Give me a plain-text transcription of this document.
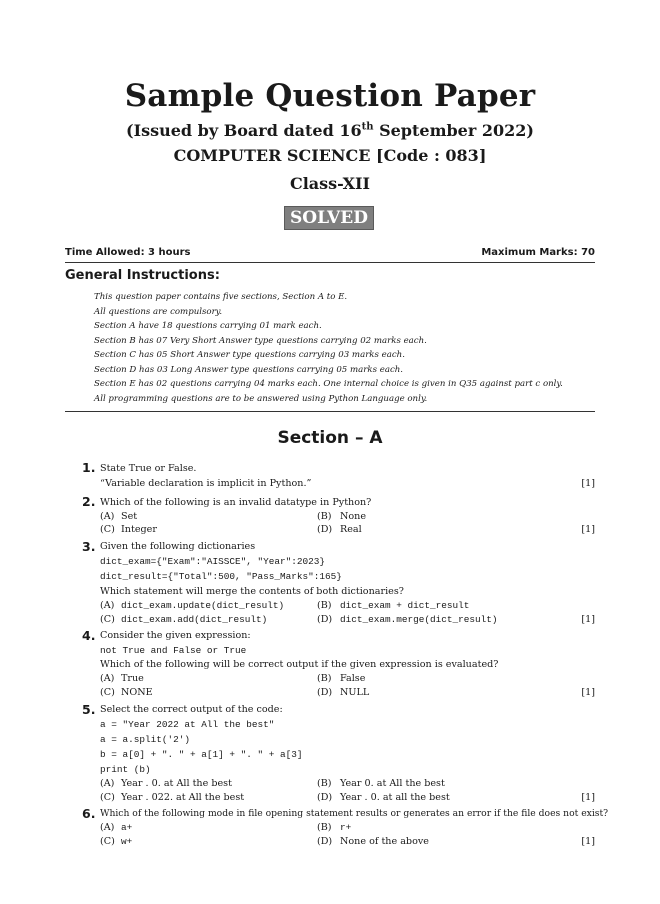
Sample Question Paper
(Issued by Board dated 16th September 2022)
COMPUTER SCIENCE [Code : 083]
Class-XII
SOLVED
Time Allowed: 3 hours	Maximum Marks: 70
General Instructions:
This question paper contains five sections, Section A to E.
All questions are compulsory.
Section A have 18 questions carrying 01 mark each.
Section B has 07 Very Short Answer type questions carrying 02 marks each.
Section C has 05 Short Answer type questions carrying 03 marks each.
Section D has 03 Long Answer type questions carrying 05 marks each.
Section E has 02 questions carrying 04 marks each. One internal choice is given in Q35 against part c only.
All programming questions are to be answered using Python Language only.
Section – A
1. State True or False.
“Variable declaration is implicit in Python.”	[1]
2. Which of the following is an invalid datatype in Python?
(A) Set	(B) None
(C) Integer	(D) Real	[1]
3. Given the following dictionaries
dict_exam={"Exam":"AISSCE", "Year":2023}
dict_result={"Total":500, "Pass_Marks":165}
Which statement will merge the contents of both dictionaries?
(A) dict_exam.update(dict_result)	(B) dict_exam + dict_result
(C) dict_exam.add(dict_result)	(D) dict_exam.merge(dict_result)	[1]
4. Consider the given expression:
not True and False or True
Which of the following will be correct output if the given expression is evaluated?
(A) True	(B) False
(C) NONE	(D) NULL	[1]
5. Select the correct output of the code:
a = "Year 2022 at All the best"
a = a.split('2')
b = a[0] + ". " + a[1] + ". " + a[3]
print (b)
(A) Year . 0. at All the best	(B) Year 0. at All the best
(C) Year . 022. at All the best	(D) Year . 0. at all the best	[1]
6. Which of the following mode in file opening statement results or generates an error if the file does not exist?
(A) a+	(B) r+
(C) w+	(D) None of the above	[1]
